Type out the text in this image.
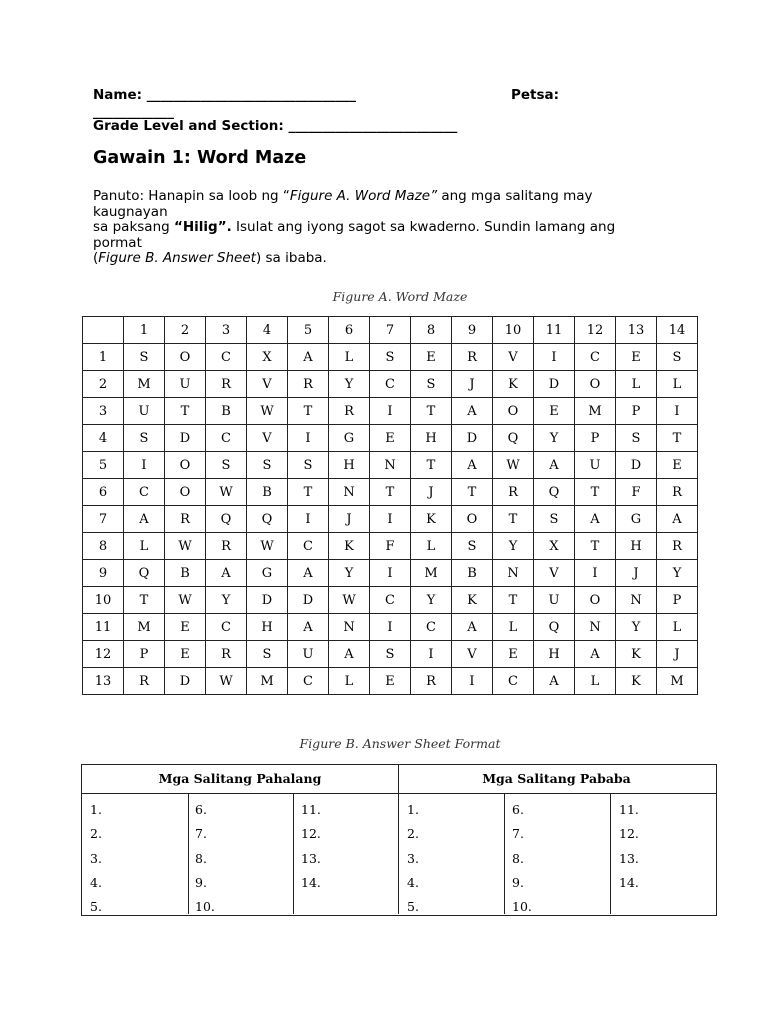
Name: _______________________________	Petsa:
____________
Grade Level and Section: _________________________
Gawain 1: Word Maze
Panuto: Hanapin sa loob ng “Figure A. Word Maze” ang mga salitang may
kaugnayan
sa paksang “Hilig”. Isulat ang iyong sagot sa kwaderno. Sundin lamang ang
pormat
(Figure B. Answer Sheet) sa ibaba.
Figure A. Word Maze
	1	2	3	4	5	6	7	8	9	10	11	12	13	14
1	S	O	C	X	A	L	S	E	R	V	I	C	E	S
2	M	U	R	V	R	Y	C	S	J	K	D	O	L	L
3	U	T	B	W	T	R	I	T	A	O	E	M	P	I
4	S	D	C	V	I	G	E	H	D	Q	Y	P	S	T
5	I	O	S	S	S	H	N	T	A	W	A	U	D	E
6	C	O	W	B	T	N	T	J	T	R	Q	T	F	R
7	A	R	Q	Q	I	J	I	K	O	T	S	A	G	A
8	L	W	R	W	C	K	F	L	S	Y	X	T	H	R
9	Q	B	A	G	A	Y	I	M	B	N	V	I	J	Y
10	T	W	Y	D	D	W	C	Y	K	T	U	O	N	P
11	M	E	C	H	A	N	I	C	A	L	Q	N	Y	L
12	P	E	R	S	U	A	S	I	V	E	H	A	K	J
13	R	D	W	M	C	L	E	R	I	C	A	L	K	M
Figure B. Answer Sheet Format
Mga Salitang Pahalang	Mga Salitang Pababa
1.
2.
3.
4.
5.
6.
7.
8.
9.
10.
11.
12.
13.
14.
1.
2.
3.
4.
5.
6.
7.
8.
9.
10.
11.
12.
13.
14.
